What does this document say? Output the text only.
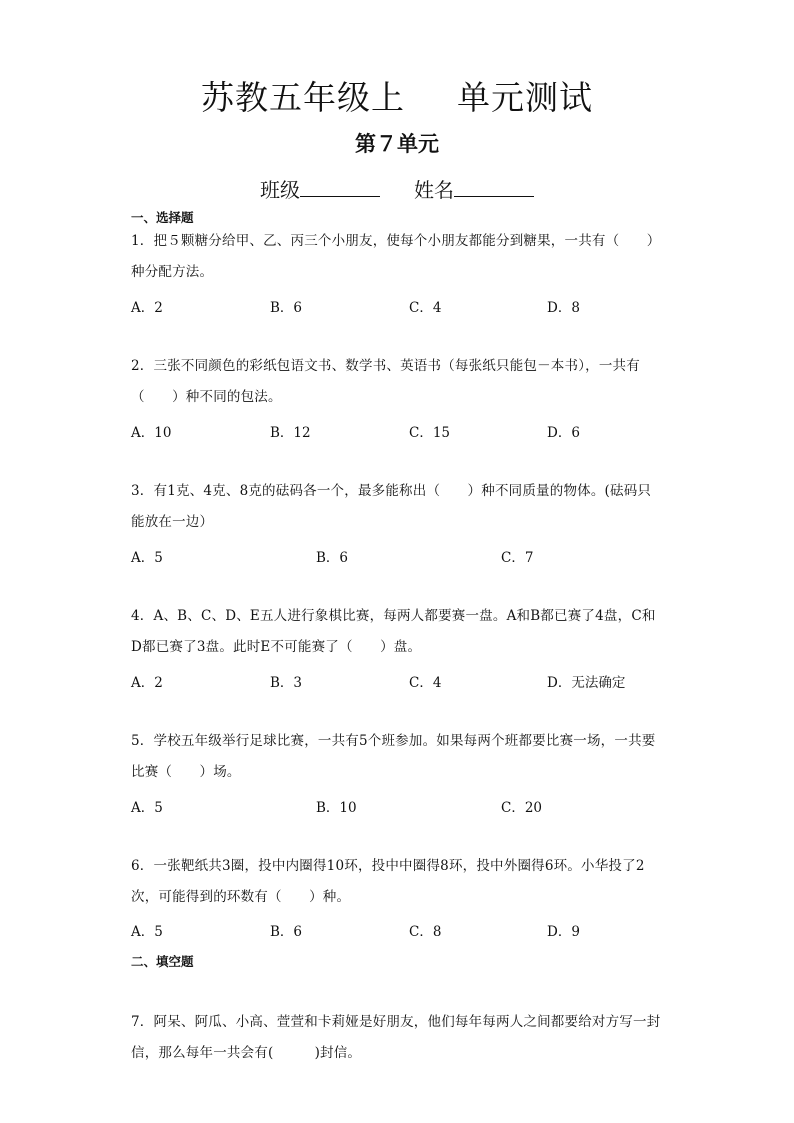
苏教五年级上 单元测试
第７单元
班级	姓名
一、选择题
1．把５颗糖分给甲、乙、丙三个小朋友，使每个小朋友都能分到糖果，一共有（　　）种分配方法。
A．2	B．6	C．4	D．8
2．三张不同颜色的彩纸包语文书、数学书、英语书（每张纸只能包－本书），一共有（　　）种不同的包法。
A．10	B．12	C．15	D．6
3．有1克、4克、8克的砝码各一个，最多能称出（　　）种不同质量的物体。(砝码只能放在一边）
A．5	B．6	C．7
4．A、B、C、D、E五人进行象棋比赛，每两人都要赛一盘。A和B都已赛了4盘，C和D都已赛了3盘。此时E不可能赛了（　　）盘。
A．2	B．3	C．4	D．无法确定
5．学校五年级举行足球比赛，一共有5个班参加。如果每两个班都要比赛一场，一共要比赛（　　）场。
A．5	B．10	C．20
6．一张靶纸共3圈，投中内圈得10环，投中中圈得8环，投中外圈得6环。小华投了2次，可能得到的环数有（　　）种。
A．5	B．6	C．8	D．9
二、填空题
7．阿呆、阿瓜、小高、萱萱和卡莉娅是好朋友，他们每年每两人之间都要给对方写一封信，那么每年一共会有(　　　)封信。
